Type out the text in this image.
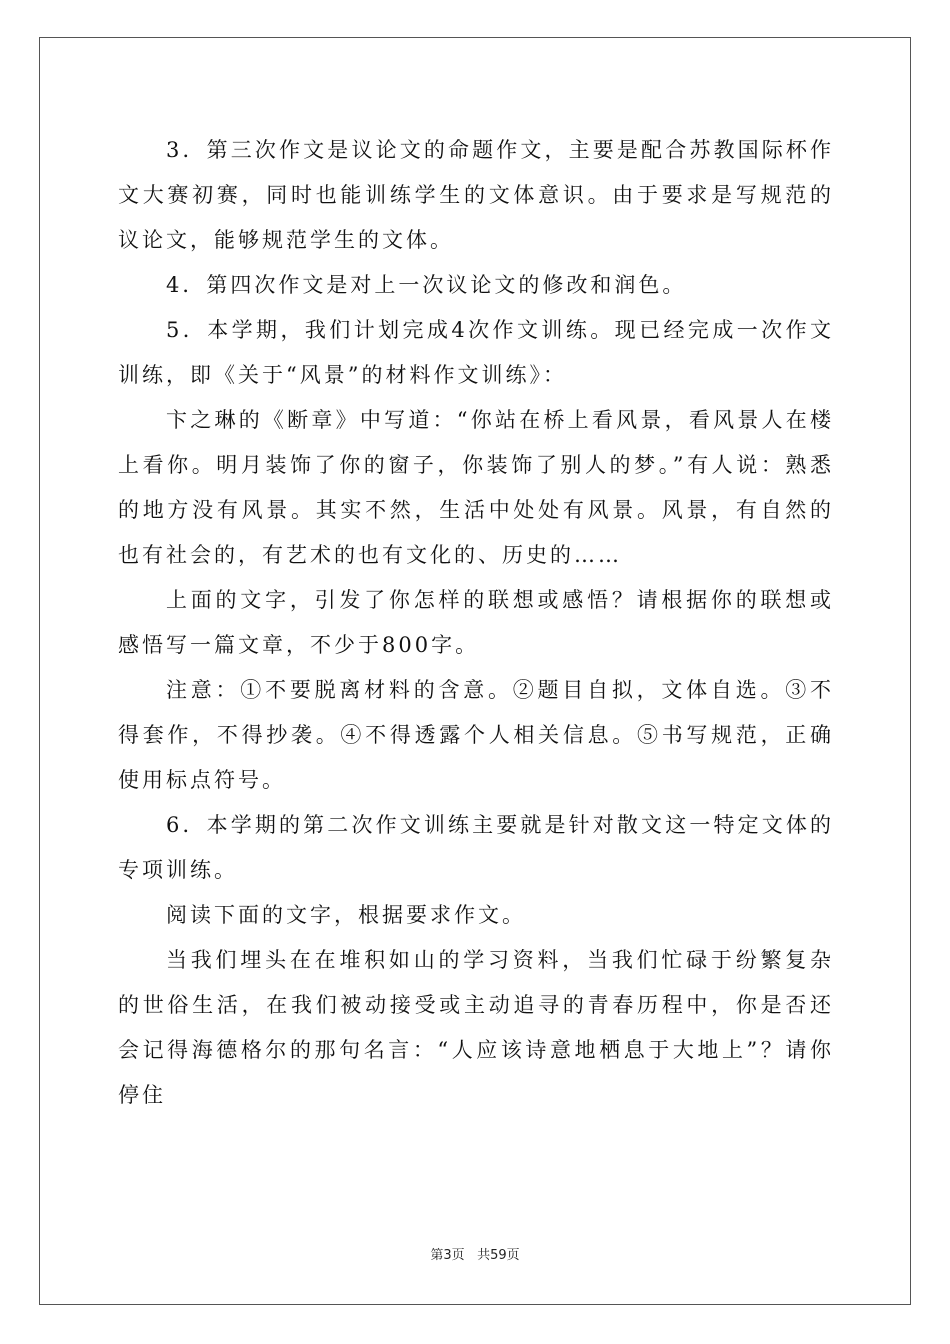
3．第三次作文是议论文的命题作文，主要是配合苏教国际杯作文大赛初赛，同时也能训练学生的文体意识。由于要求是写规范的议论文，能够规范学生的文体。

4．第四次作文是对上一次议论文的修改和润色。

5．本学期，我们计划完成4次作文训练。现已经完成一次作文训练，即《关于“风景”的材料作文训练》：

卞之琳的《断章》中写道：“你站在桥上看风景，看风景人在楼上看你。明月装饰了你的窗子，你装饰了别人的梦。”有人说：熟悉的地方没有风景。其实不然，生活中处处有风景。风景，有自然的也有社会的，有艺术的也有文化的、历史的……

上面的文字，引发了你怎样的联想或感悟？请根据你的联想或感悟写一篇文章，不少于800字。

注意：①不要脱离材料的含意。②题目自拟，文体自选。③不得套作，不得抄袭。④不得透露个人相关信息。⑤书写规范，正确使用标点符号。

6．本学期的第二次作文训练主要就是针对散文这一特定文体的专项训练。

阅读下面的文字，根据要求作文。

当我们埋头在在堆积如山的学习资料，当我们忙碌于纷繁复杂的世俗生活，在我们被动接受或主动追寻的青春历程中，你是否还会记得海德格尔的那句名言：“人应该诗意地栖息于大地上”？请你停住

第3页 共59页
